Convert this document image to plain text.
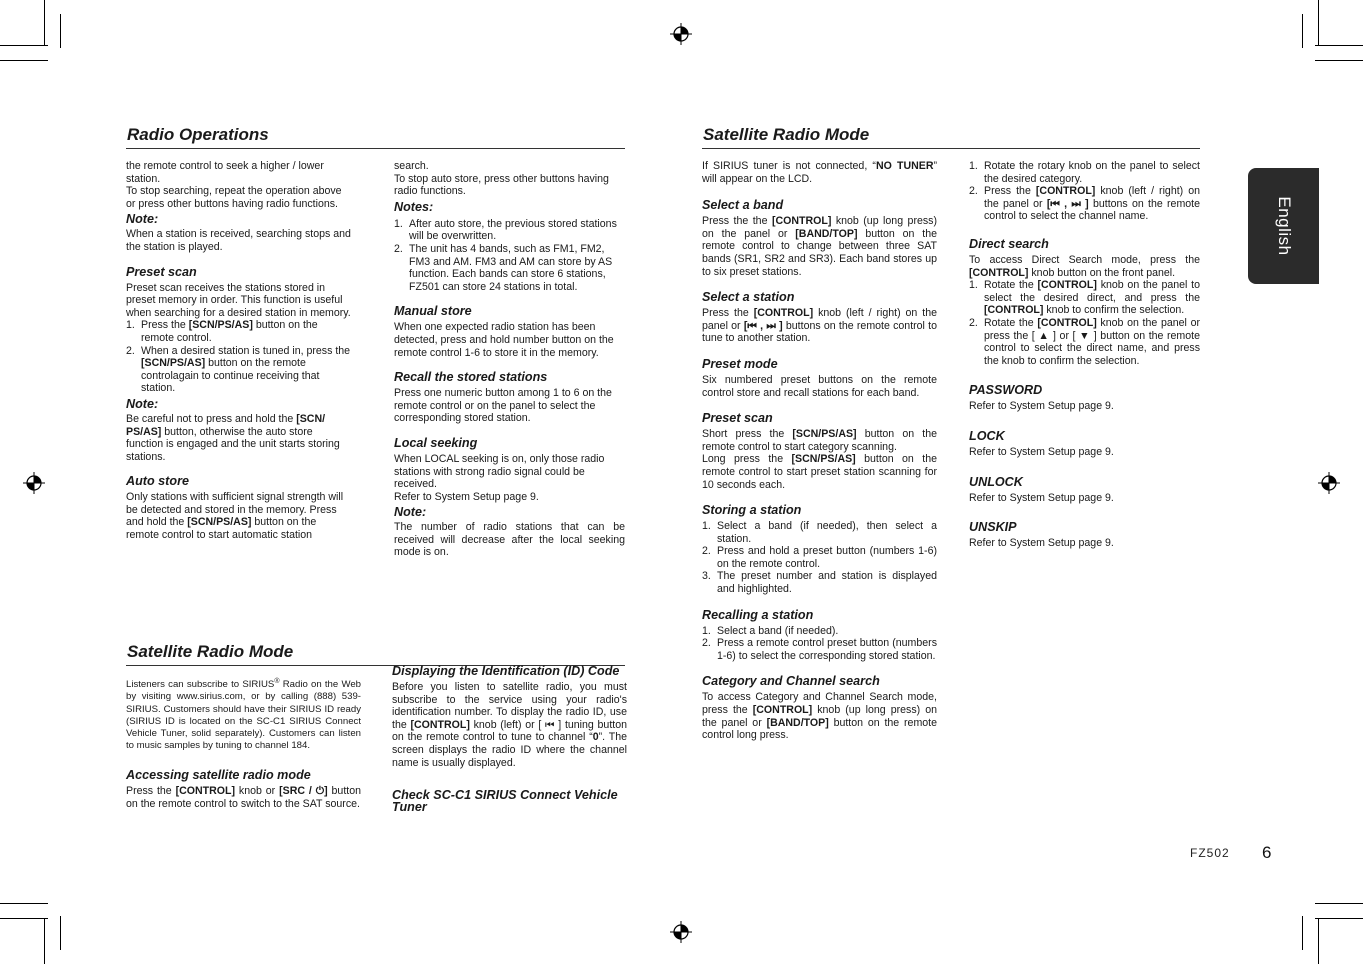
English
Radio Operations

the remote control to seek a higher / lower station.

To stop searching, repeat the operation above or press other buttons having radio functions.

Note:

When a station is received, searching stops and the station is played.

Preset scan

Preset scan receives the stations stored in preset memory in order. This function is useful when searching for a desired station in memory.

1. Press the [SCN/PS/AS] button on the remote control.
2. When a desired station is tuned in, press the [SCN/PS/AS] button on the remote controlagain to continue receiving that station.

Note:

Be careful not to press and hold the [SCN/ PS/AS] button, otherwise the auto store function is engaged and the unit starts storing stations.

Auto store

Only stations with sufficient signal strength will be detected and stored in the memory. Press and hold the [SCN/PS/AS] button on the remote control to start automatic station

search.

To stop auto store, press other buttons having radio functions.

Notes:

1. After auto store, the previous stored stations will be overwritten.
2. The unit has 4 bands, such as FM1, FM2, FM3 and AM. FM3 and AM can store by AS function. Each bands can store 6 stations, FZ501 can store 24 stations in total.

Manual store

When one expected radio station has been detected, press and hold number button on the remote control 1-6 to store it in the memory.

Recall the stored stations

Press one numeric button among 1 to 6 on the remote control or on the panel to select the corresponding stored station.

Local seeking

When LOCAL seeking is on, only those radio stations with strong radio signal could be received.

Refer to System Setup page 9.

Note:

The number of radio stations that can be received will decrease after the local seeking mode is on.

Satellite Radio Mode

Listeners can subscribe to SIRIUS® Radio on the Web by visiting www.sirius.com, or by calling (888) 539-SIRIUS. Customers should have their SIRIUS ID ready (SIRIUS ID is located on the SC-C1 SIRIUS Connect Vehicle Tuner, solid separately). Customers can listen to music samples by tuning to channel 184.

Accessing satellite radio mode

Press the [CONTROL] knob or [SRC / ⏻] button on the remote control to switch to the SAT source.

Displaying the Identification (ID) Code

Before you listen to satellite radio, you must subscribe to the service using your radio's identification number. To display the radio ID, use the [CONTROL] knob (left) or [ ⏮ ] tuning button on the remote control to tune to channel “0”. The screen displays the radio ID where the channel name is usually displayed.

Check SC-C1 SIRIUS Connect Vehicle Tuner

Satellite Radio Mode

If SIRIUS tuner is not connected, “NO TUNER” will appear on the LCD.

Select a band

Press the the [CONTROL] knob (up long press) on the panel or [BAND/TOP] button on the remote control to change between three SAT bands (SR1, SR2 and SR3). Each band stores up to six preset stations.

Select a station

Press the [CONTROL] knob (left / right) on the panel or [⏮ , ⏭ ] buttons on the remote control to tune to another station.

Preset mode

Six numbered preset buttons on the remote control store and recall stations for each band.

Preset scan

Short press the [SCN/PS/AS] button on the remote control to start category scanning.

Long press the [SCN/PS/AS] button on the remote control to start preset station scanning for 10 seconds each.

Storing a station

1. Select a band (if needed), then select a station.
2. Press and hold a preset button (numbers 1-6) on the remote control.
3. The preset number and station is displayed and highlighted.

Recalling a station

1. Select a band (if needed).
2. Press a remote control preset button (numbers 1-6) to select the corresponding stored station.

Category and Channel search

To access Category and Channel Search mode, press the [CONTROL] knob (up long press) on the panel or [BAND/TOP] button on the remote control long press.

1. Rotate the rotary knob on the panel to select the desired category.
2. Press the [CONTROL] knob (left / right) on the panel or [⏮ , ⏭ ] buttons on the remote control to select the channel name.

Direct search

To access Direct Search mode, press the [CONTROL] knob button on the front panel.

1. Rotate the [CONTROL] knob on the panel to select the desired direct, and press the [CONTROL] knob to confirm the selection.
2. Rotate the [CONTROL] knob on the panel or press the [ ▲ ] or [ ▼ ] button on the remote control to select the direct name, and press the knob to confirm the selection.

PASSWORD

Refer to System Setup page 9.

LOCK

Refer to System Setup page 9.

UNLOCK

Refer to System Setup page 9.

UNSKIP

Refer to System Setup page 9.

FZ502 6
